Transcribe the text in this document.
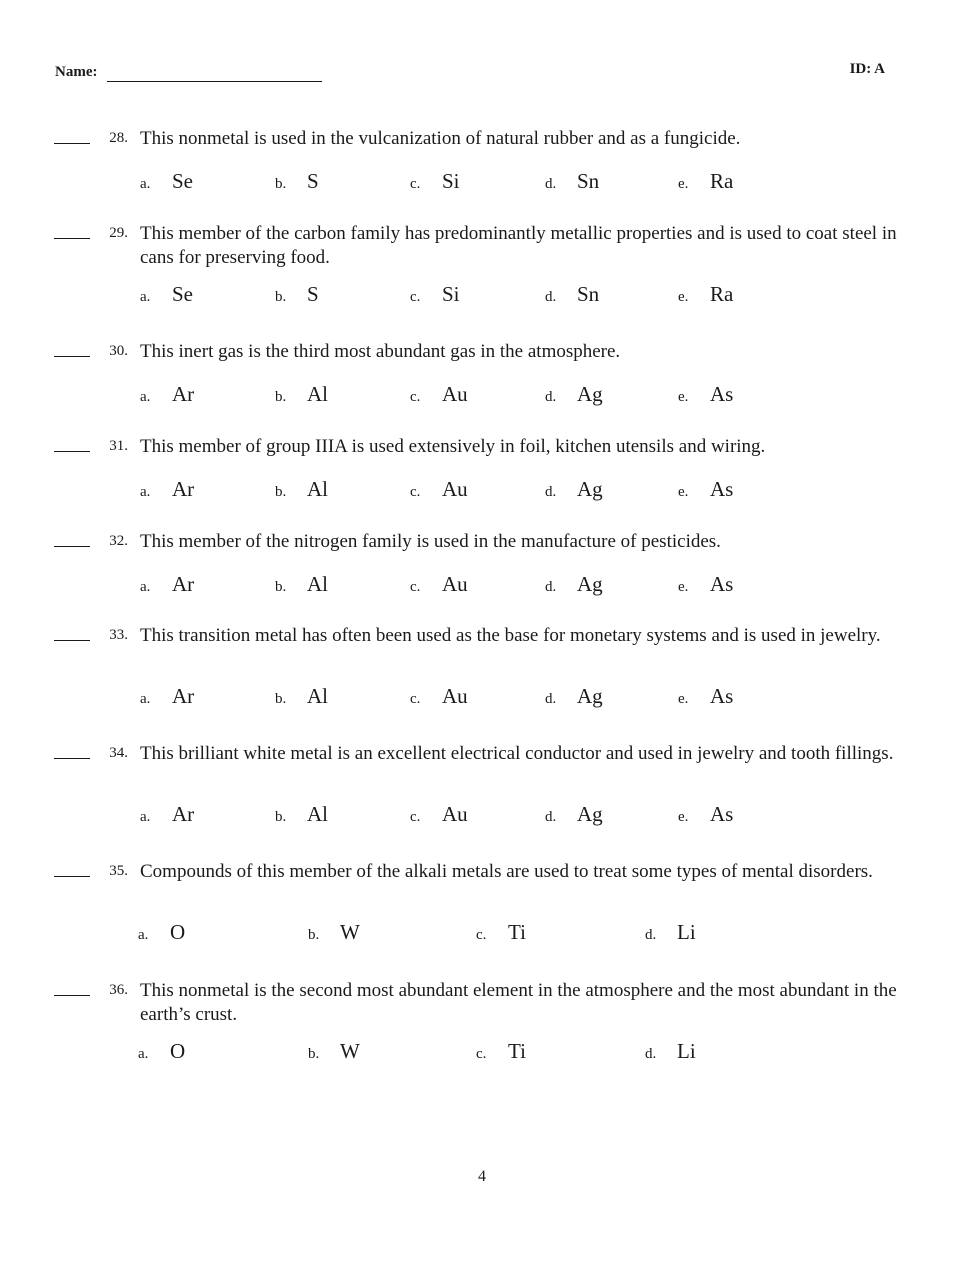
Name:	ID: A
28. This nonmetal is used in the vulcanization of natural rubber and as a fungicide.
a. Se	b. S	c. Si	d. Sn	e. Ra
29. This member of the carbon family has predominantly metallic properties and is used to coat steel in cans for preserving food.
a. Se	b. S	c. Si	d. Sn	e. Ra
30. This inert gas is the third most abundant gas in the atmosphere.
a. Ar	b. Al	c. Au	d. Ag	e. As
31. This member of group IIIA is used extensively in foil, kitchen utensils and wiring.
a. Ar	b. Al	c. Au	d. Ag	e. As
32. This member of the nitrogen family is used in the manufacture of pesticides.
a. Ar	b. Al	c. Au	d. Ag	e. As
33. This transition metal has often been used as the base for monetary systems and is used in jewelry.
a. Ar	b. Al	c. Au	d. Ag	e. As
34. This brilliant white metal is an excellent electrical conductor and used in jewelry and tooth fillings.
a. Ar	b. Al	c. Au	d. Ag	e. As
35. Compounds of this member of the alkali metals are used to treat some types of mental disorders.
a. O	b. W	c. Ti	d. Li
36. This nonmetal is the second most abundant element in the atmosphere and the most abundant in the earth’s crust.
a. O	b. W	c. Ti	d. Li
4
